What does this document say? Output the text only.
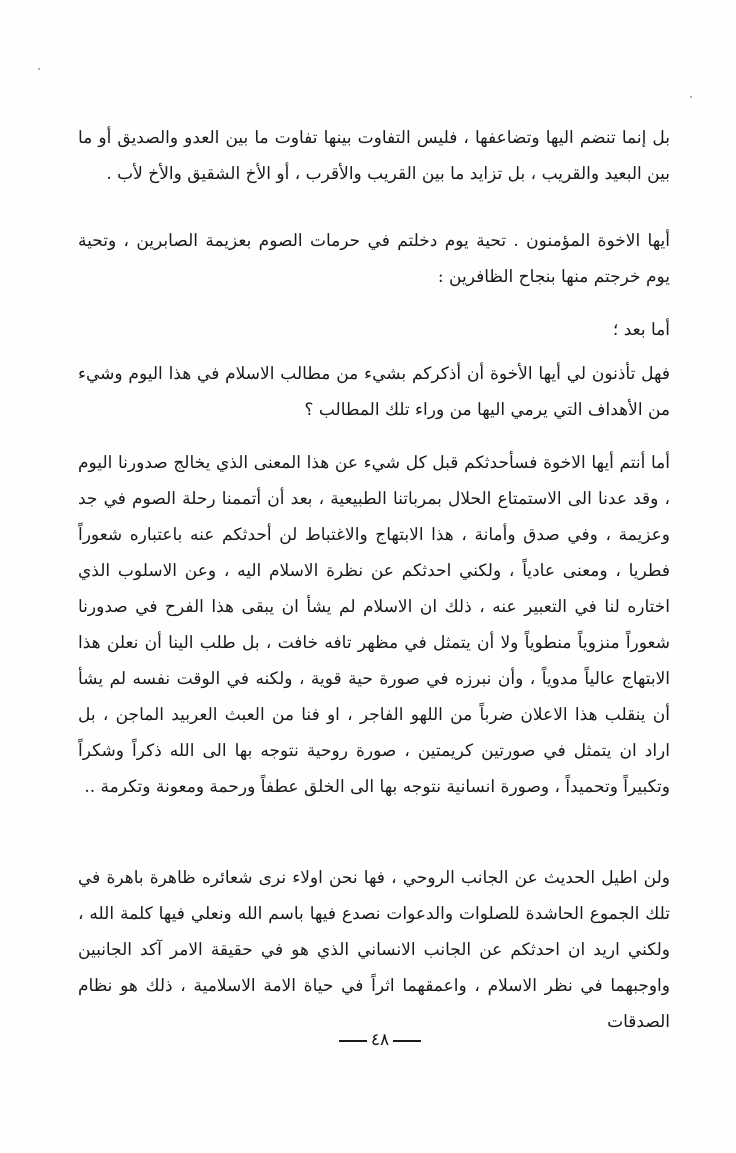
بل إنما تنضم اليها وتضاعفها ، فليس التفاوت بينها تفاوت ما بين العدو والصديق أو ما بين البعيد والقريب ، بل تزايد ما بين القريب والأقرب ، أو الأخ الشقيق والأخ لأب .

أيها الاخوة المؤمنون . تحية يوم دخلتم في حرمات الصوم بعزيمة الصابرين ، وتحية يوم خرجتم منها بنجاح الظافرين :

أما بعد ؛

فهل تأذنون لي أيها الأخوة أن أذكركم بشيء من مطالب الاسلام في هذا اليوم وشيء من الأهداف التي يرمي اليها من وراء تلك المطالب ؟

أما أنتم أيها الاخوة فسأحدثكم قبل كل شيء عن هذا المعنى الذي يخالج صدورنا اليوم ، وقد عدنا الى الاستمتاع الحلال بمرباتنا الطبيعية ، بعد أن أتممنا رحلة الصوم في جد وعزيمة ، وفي صدق وأمانة ، هذا الابتهاج والاغتباط لن أحدثكم عنه باعتباره شعوراً فطريا ، ومعنى عادياً ، ولكني احدثكم عن نظرة الاسلام اليه ، وعن الاسلوب الذي اختاره لنا في التعبير عنه ، ذلك ان الاسلام لم يشأ ان يبقى هذا الفرح في صدورنا شعوراً منزوياً منطوياً ولا أن يتمثل في مظهر تافه خافت ، بل طلب الينا أن نعلن هذا الابتهاج عالياً مدوياً ، وأن نبرزه في صورة حية قوية ، ولكنه في الوقت نفسه لم يشأ أن ينقلب هذا الاعلان ضرباً من اللهو الفاجر ، او فنا من العبث العربيد الماجن ، بل اراد ان يتمثل في صورتين كريمتين ، صورة روحية نتوجه بها الى الله ذكراً وشكراً وتكبيراً وتحميداً ، وصورة انسانية نتوجه بها الى الخلق عطفاً ورحمة ومعونة وتكرمة ..

ولن اطيل الحديث عن الجانب الروحي ، فها نحن اولاء نرى شعائره ظاهرة باهرة في تلك الجموع الحاشدة للصلوات والدعوات نصدع فيها باسم الله ونعلي فيها كلمة الله ، ولكني اريد ان احدثكم عن الجانب الانساني الذي هو في حقيقة الامر آكد الجانبين واوجبهما في نظر الاسلام ، واعمقهما اثراً في حياة الامة الاسلامية ، ذلك هو نظام الصدقات

٤٨
